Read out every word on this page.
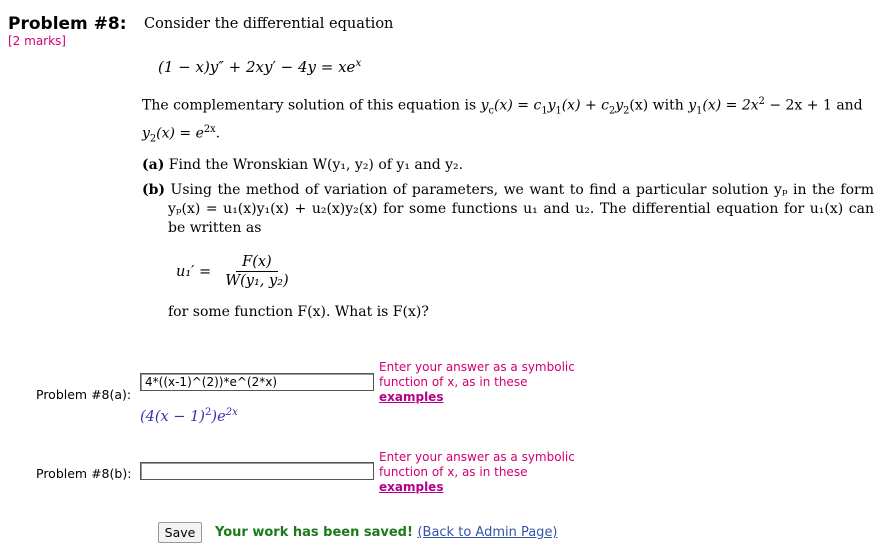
Problem #8:
[2 marks]
Consider the differential equation
$(1 - x)y'' + 2xy' - 4y = xe^x$
The complementary solution of this equation is $y_c(x) = c_1y_1(x) + c_2y_2(x)$ with $y_1(x) = 2x^2 - 2x + 1$ and
$y_2(x) = e^{2x}$.
(a) Find the Wronskian W(y₁, y₂) of y₁ and y₂.
(b) Using the method of variation of parameters, we want to find a particular solution yₚ in the form yₚ(x) = u₁(x)y₁(x) + u₂(x)y₂(x) for some functions u₁ and u₂. The differential equation for u₁(x) can be written as
$u_1' = \frac{F(x)}{\text{W(y₁, y₂)}}$
for some function F(x). What is F(x)?
Problem #8(a):
4*((x-1)^(2))*e^(2*x)
Enter your answer as a symbolic function of x, as in these examples
$(4(x - 1)^2)e^{2x}$
Problem #8(b):
Enter your answer as a symbolic function of x, as in these examples
Save	Your work has been saved! (Back to Admin Page)
